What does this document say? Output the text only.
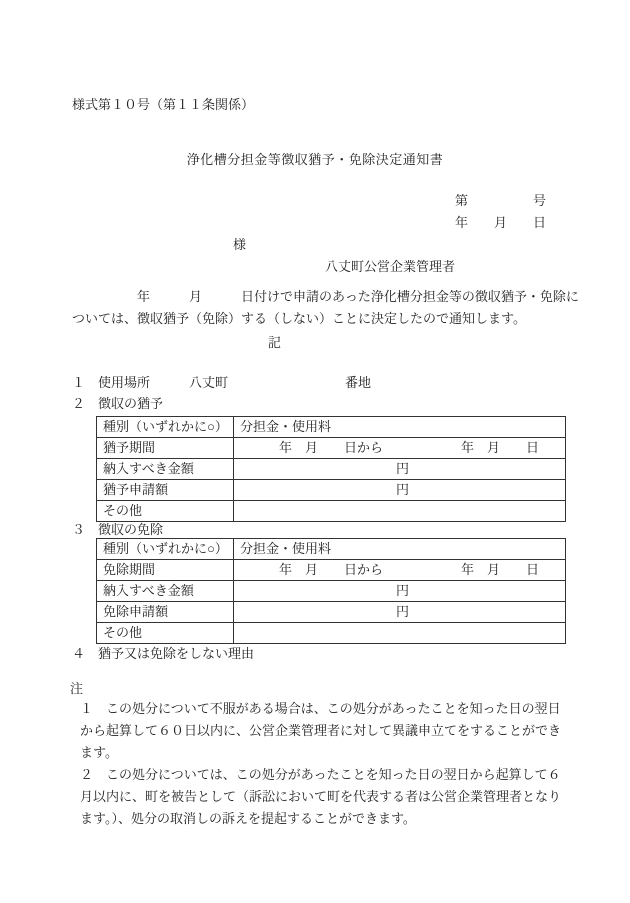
様式第１０号（第１１条関係）
浄化槽分担金等徴収猶予・免除決定通知書
第　　　　　号
年　　月　　日
様
八丈町公営企業管理者
　　　　　年　　　月　　　日付けで申請のあった浄化槽分担金等の徴収猶予・免除に
ついては、徴収猶予（免除）する（しない）ことに決定したので通知します。
記
１　使用場所　　　八丈町　　　　　　　　　番地
２　徴収の猶予
種別（いずれかに○）	分担金・使用料
猶予期間	　　　年　月　　日から　　　　　　年　月　　日
納入すべき金額	円
猶予申請額	円
その他	
３　徴収の免除
種別（いずれかに○）	分担金・使用料
免除期間	　　　年　月　　日から　　　　　　年　月　　日
納入すべき金額	円
免除申請額	円
その他	
４　猶予又は免除をしない理由
注
１　この処分について不服がある場合は、この処分があったことを知った日の翌日
から起算して６０日以内に、公営企業管理者に対して異議申立てをすることができ
ます。
２　この処分については、この処分があったことを知った日の翌日から起算して６
月以内に、町を被告として（訴訟において町を代表する者は公営企業管理者となり
ます。）、処分の取消しの訴えを提起することができます。
